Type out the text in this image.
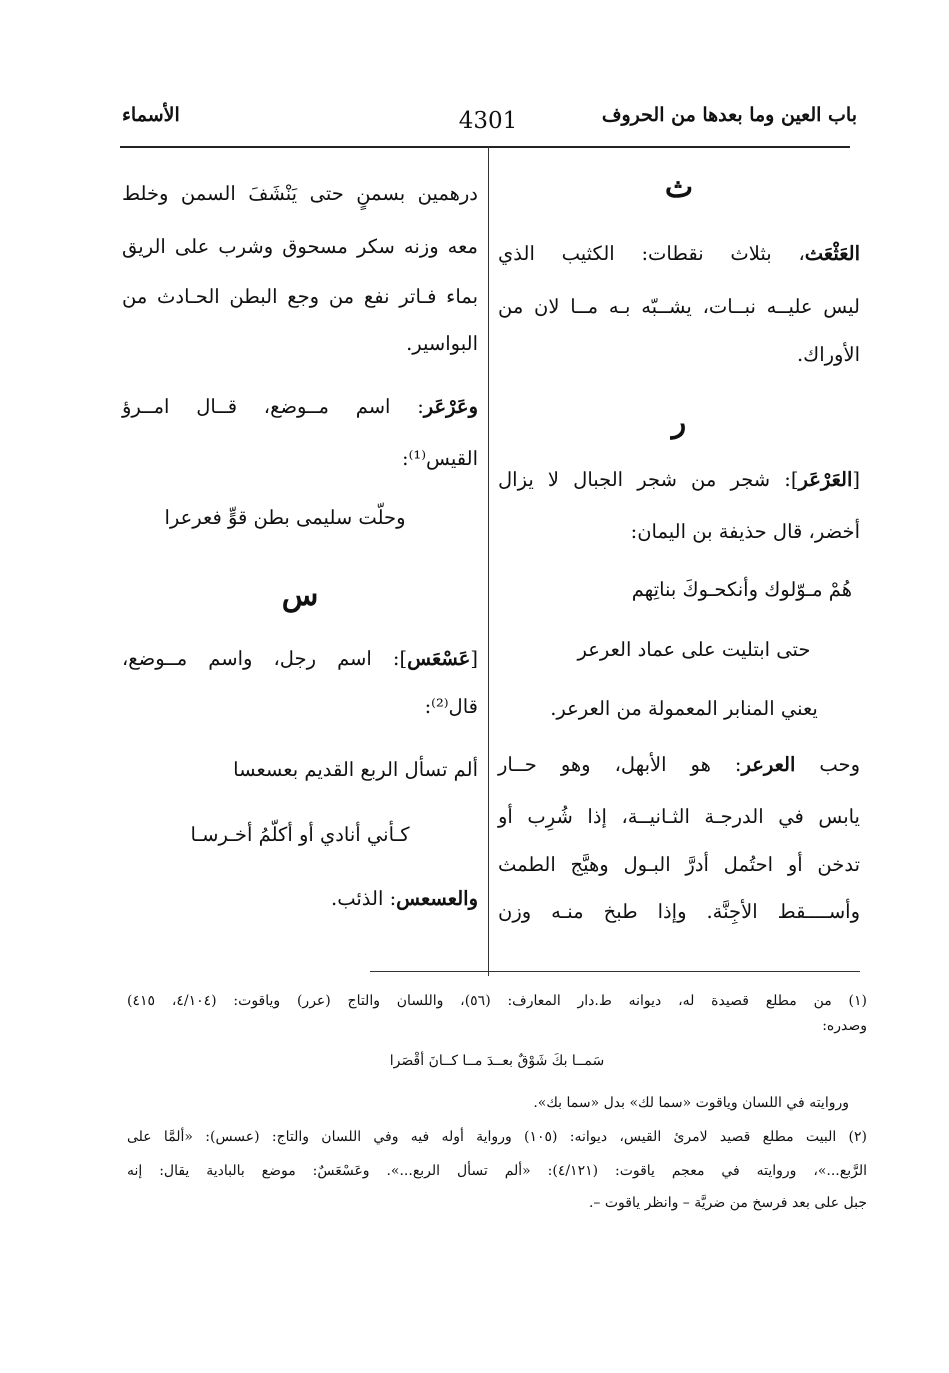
باب العين وما بعدها من الحروف
4301
الأسماء
ث
العَثْعَث، بثلاث نقطات: الكثيب الذي
ليس عليــه نبــات، يشــبّه بـه مــا لان من
الأوراك.
ر
[العَرْعَر]: شجر من شجر الجبال لا يزال
أخضر، قال حذيفة بن اليمان:
هُمْ مـوّلوك وأنكحـوكَ بناتِهم
حتى ابتليت على عماد العرعر
يعني المنابر المعمولة من العرعر.
وحب العرعر: هو الأبهل، وهو حــار
يابس في الدرجـة الثـانيــة، إذا شُرِب أو
تدخن أو احتُمل أدرَّ البـول وهيَّج الطمث
وأســــقط الأجِنَّة. وإذا طبخ منـه وزن
درهمين بسمنٍ حتى يَنْشَفَ السمن وخلط
معه وزنه سكر مسحوق وشرب على الريق
بماء فـاتر نفع من وجع البطن الحـادث من
البواسير.
وعَرْعَر: اسم مــوضع، قــال امــرؤ
القيس⁽¹⁾:
وحلّت سليمى بطن قوٍّ فعرعرا
س
[عَسْعَس]: اسم رجل، واسم مــوضع،
قال⁽²⁾:
ألم تسأل الربع القديم بعسعسا
كـأني أنادي أو أكلّمُ أخـرسـا
والعسعس: الذئب.
(١) من مطلع قصيدة له، ديوانه ط.دار المعارف: (٥٦)، واللسان والتاج (عرر) وياقوت: (٤/١٠٤، ٤١٥)
وصدره:
سَمــا بكَ شَوْقٌ بعــدَ مــا كــانَ أقْصَرا
وروايته في اللسان وياقوت «سما لك» بدل «سما بك».
(٢) البيت مطلع قصيد لامرئ القيس، ديوانه: (١٠٥) ورواية أوله فيه وفي اللسان والتاج: (عسس): «ألمَّا على
الرَّبع...»، وروايته في معجم ياقوت: (٤/١٢١): «ألم تسأل الربع...». وعَسْعَسٌ: موضع بالبادية يقال: إنه
جبل على بعد فرسخ من ضريَّة – وانظر ياقوت –.
